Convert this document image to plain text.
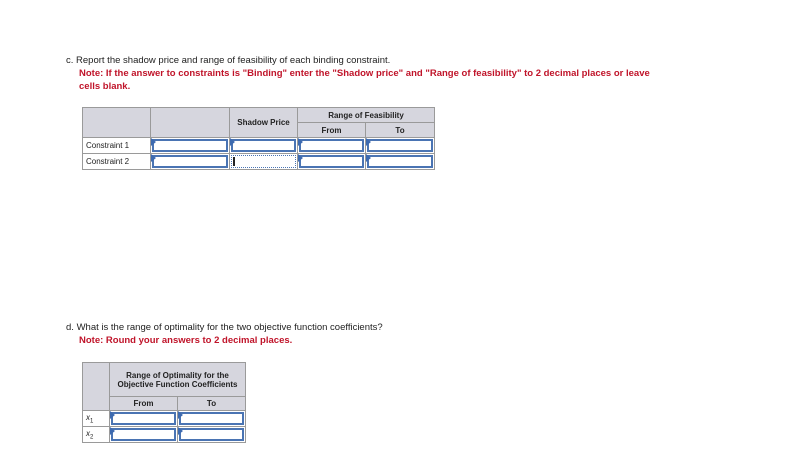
c. Report the shadow price and range of feasibility of each binding constraint.
Note: If the answer to constraints is "Binding" enter the "Shadow price" and "Range of feasibility" to 2 decimal places or leave
cells blank.
		Shadow Price	Range of Feasibility	
			From	To
Constraint 1	

Constraint 2	

d. What is the range of optimality for the two objective function coefficients?
Note: Round your answers to 2 decimal places.
	Range of Optimality for the Objective Function Coefficients	
	From	To
$x_1$	

$x_2$	
